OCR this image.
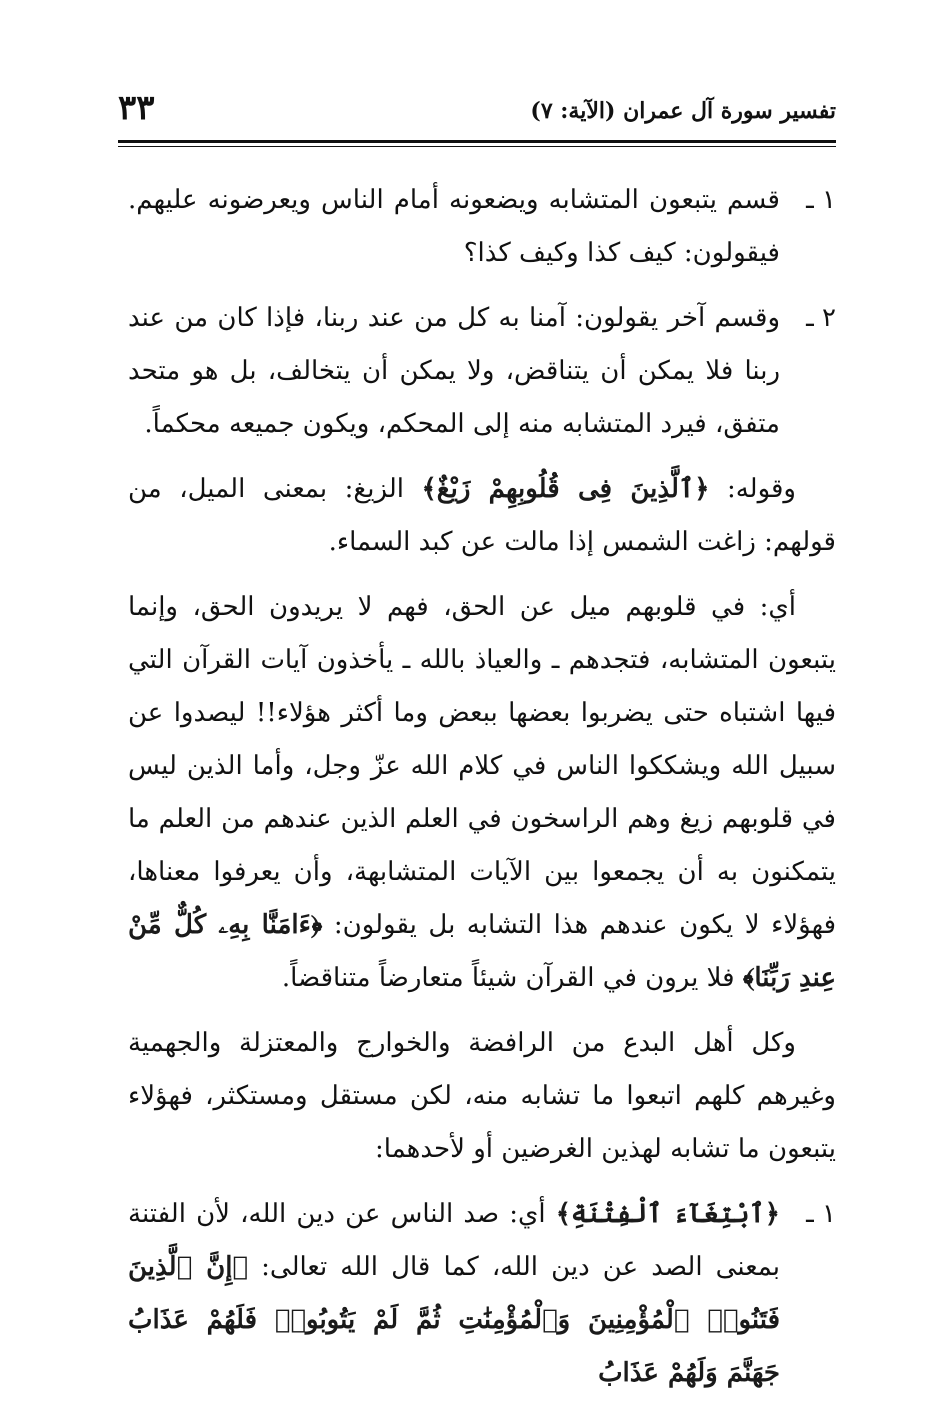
٣٣	تفسير سورة آل عمران (الآية: ٧)
١ ـ
قسم يتبعون المتشابه ويضعونه أمام الناس ويعرضونه عليهم. فيقولون: كيف كذا وكيف كذا؟
٢ ـ
وقسم آخر يقولون: آمنا به كل من عند ربنا، فإذا كان من عند ربنا فلا يمكن أن يتناقض، ولا يمكن أن يتخالف، بل هو متحد متفق، فيرد المتشابه منه إلى المحكم، ويكون جميعه محكماً.

وقوله: ﴿ٱلَّذِينَ فِى قُلُوبِهِمْ زَيْغٌ﴾ الزيغ: بمعنى الميل، من قولهم: زاغت الشمس إذا مالت عن كبد السماء.

أي: في قلوبهم ميل عن الحق، فهم لا يريدون الحق، وإنما يتبعون المتشابه، فتجدهم ـ والعياذ بالله ـ يأخذون آيات القرآن التي فيها اشتباه حتى يضربوا بعضها ببعض وما أكثر هؤلاء!! ليصدوا عن سبيل الله ويشككوا الناس في كلام الله عزّ وجل، وأما الذين ليس في قلوبهم زيغ وهم الراسخون في العلم الذين عندهم من العلم ما يتمكنون به أن يجمعوا بين الآيات المتشابهة، وأن يعرفوا معناها، فهؤلاء لا يكون عندهم هذا التشابه بل يقولون: ﴿ءَامَنَّا بِهِۦ كُلٌّ مِّنْ عِندِ رَبِّنَا﴾ فلا يرون في القرآن شيئاً متعارضاً متناقضاً.

وكل أهل البدع من الرافضة والخوارج والمعتزلة والجهمية وغيرهم كلهم اتبعوا ما تشابه منه، لكن مستقل ومستكثر، فهؤلاء يتبعون ما تشابه لهذين الغرضين أو لأحدهما:

١ ـ
﴿ٱبْتِغَآءَ ٱلْفِتْنَةِ﴾ أي: صد الناس عن دين الله، لأن الفتنة بمعنى الصد عن دين الله، كما قال الله تعالى: ﴿إِنَّ ٱلَّذِينَ فَتَنُوا۟ ٱلْمُؤْمِنِينَ وَٱلْمُؤْمِنَٰتِ ثُمَّ لَمْ يَتُوبُوا۟ فَلَهُمْ عَذَابُ جَهَنَّمَ وَلَهُمْ عَذَابُ
